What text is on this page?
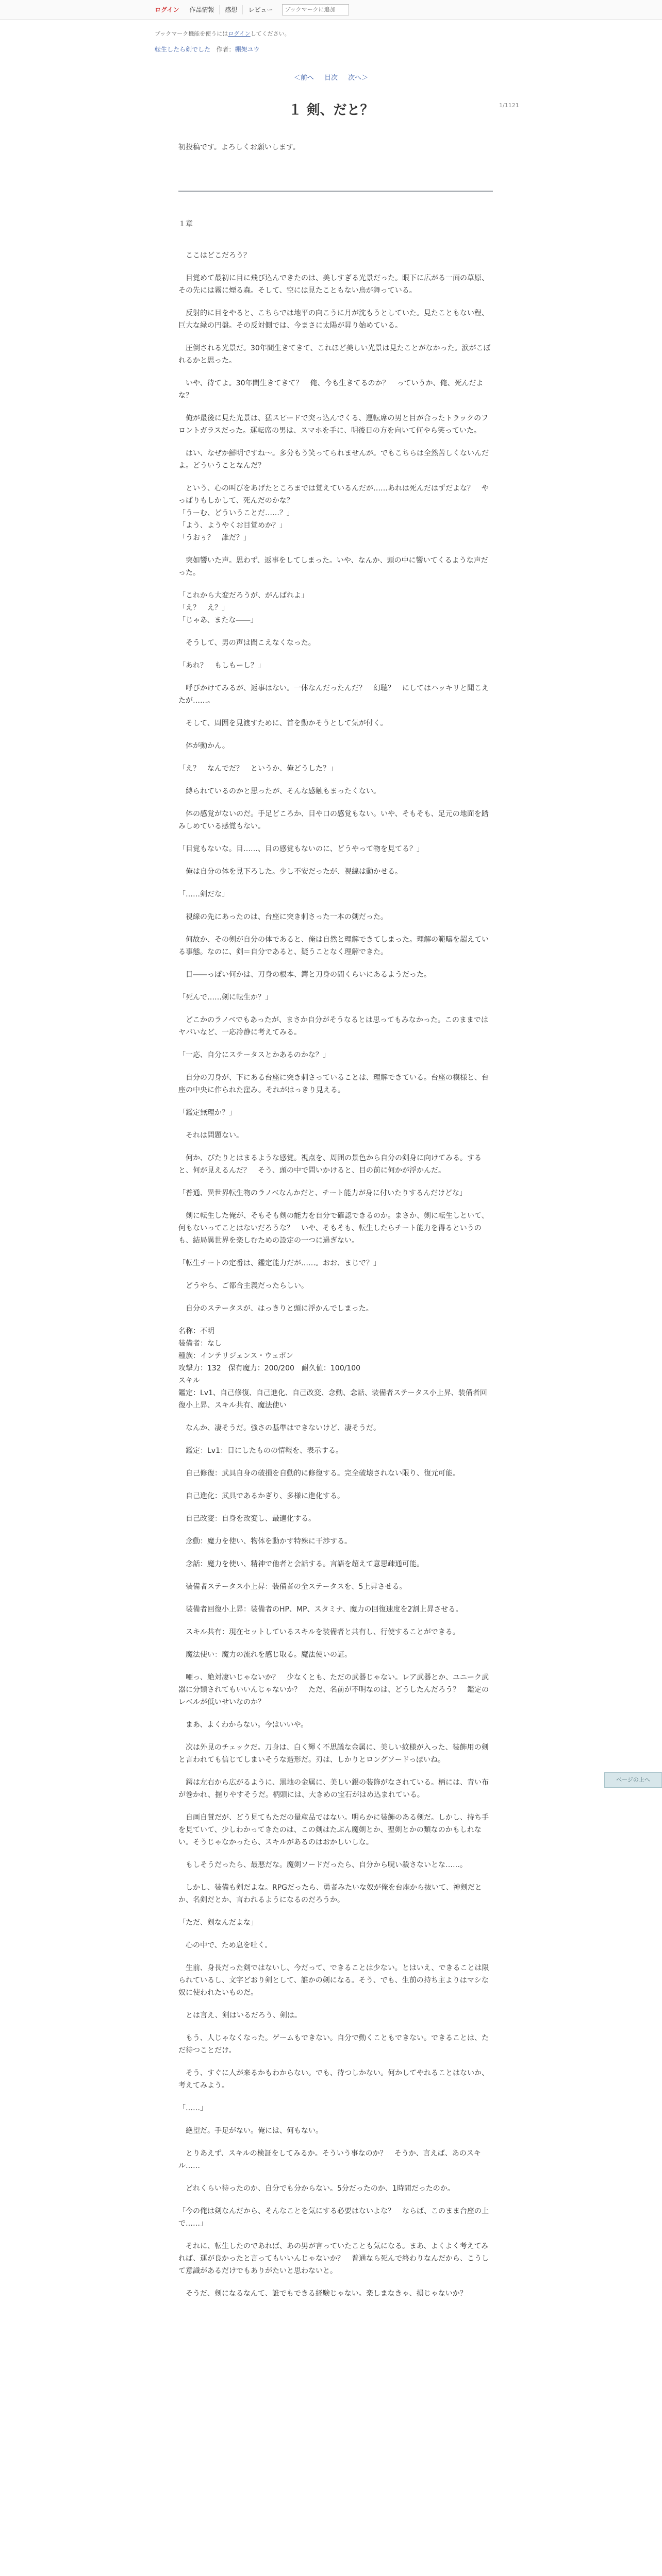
ログイン	作品情報	感想	レビュー
ブックマークに追加
ブックマーク機能を使うにはログインしてください。
転生したら剣でした 作者：棚架ユウ
＜前へ 目次 次へ＞
1/1121
１ 剣、だと？
初投稿です。よろしくお願いします。
１章

　ここはどこだろう？

　目覚めて最初に目に飛び込んできたのは、美しすぎる光景だった。眼下に広がる一面の草原、その先には霧に煙る森。そして、空には見たこともない鳥が舞っている。

　反射的に目をやると、こちらでは地平の向こうに月が沈もうとしていた。見たこともない程、巨大な緑の円盤。その反対側では、今まさに太陽が昇り始めている。

　圧倒される光景だ。30年間生きてきて、これほど美しい光景は見たことがなかった。涙がこぼれるかと思った。

　いや、待てよ。30年間生きてきて？　俺、今も生きてるのか？　っていうか、俺、死んだよな？

　俺が最後に見た光景は、猛スピードで突っ込んでくる、運転席の男と目が合ったトラックのフロントガラスだった。運転席の男は、スマホを手に、明後日の方を向いて何やら笑っていた。

　はい、なぜか鮮明ですね～。多分もう笑ってられませんが。でもこちらは全然苦しくないんだよ。どういうことなんだ？

　という、心の叫びをあげたところまでは覚えているんだが……あれは死んだはずだよな？　やっぱりもしかして、死んだのかな？
「うーむ、どういうことだ……？」
「よう、ようやくお目覚めか？」
「うおぅ？　誰だ？」

　突如響いた声。思わず、返事をしてしまった。いや、なんか、頭の中に響いてくるような声だった。

「これから大変だろうが、がんばれよ」
「え？　え？」
「じゃあ、またな――」

　そうして、男の声は聞こえなくなった。

「あれ？　もしもーし？」

　呼びかけてみるが、返事はない。一体なんだったんだ？　幻聴？　にしてはハッキリと聞こえたが……。

　そして、周囲を見渡すために、首を動かそうとして気が付く。

　体が動かん。

「え？　なんでだ？　というか、俺どうした？」

　縛られているのかと思ったが、そんな感触もまったくない。

　体の感覚がないのだ。手足どころか、目や口の感覚もない。いや、そもそも、足元の地面を踏みしめている感覚もない。

「目覚もないな。目……、目の感覚もないのに、どうやって物を見てる？」

　俺は自分の体を見下ろした。少し不安だったが、視線は動かせる。

「……剣だな」

　視線の先にあったのは、台座に突き刺さった一本の剣だった。

　何故か、その剣が自分の体であると、俺は自然と理解できてしまった。理解の範疇を超えている事態。なのに、剣＝自分であると、疑うことなく理解できた。

　目――っぽい何かは、刀身の根本、鍔と刀身の間くらいにあるようだった。

「死んで……剣に転生か？」

　どこかのラノベでもあったが、まさか自分がそうなるとは思ってもみなかった。このままではヤバいなど、一応冷静に考えてみる。

「一応、自分にステータスとかあるのかな？」

　自分の刀身が、下にある台座に突き刺さっていることは、理解できている。台座の模様と、台座の中央に作られた窪み。それがはっきり見える。

「鑑定無理か？」

　それは問題ない。

　何か、ぴたりとはまるような感覚。視点を、周囲の景色から自分の剣身に向けてみる。すると、何が見えるんだ？　そう、頭の中で問いかけると、目の前に何かが浮かんだ。

「普通、異世界転生物のラノベなんかだと、チート能力が身に付いたりするんだけどな」

　剣に転生した俺が、そもそも剣の能力を自分で確認できるのか。まさか、剣に転生しといて、何もないってことはないだろうな？　いや、そもそも、転生したらチート能力を得るというのも、結局異世界を楽しむための設定の一つに過ぎない。

「転生チートの定番は、鑑定能力だが……。おお、まじで？」

　どうやら、ご都合主義だったらしい。

　自分のステータスが、はっきりと頭に浮かんでしまった。

名称：不明
装備者：なし
種族：インテリジェンス・ウェポン
攻撃力：132　保有魔力：200/200　耐久値：100/100
スキル
鑑定：Lv1、自己修復、自己進化、自己改変、念動、念話、装備者ステータス小上昇、装備者回復小上昇、スキル共有、魔法使い

　なんか、凄そうだ。強さの基準はできないけど、凄そうだ。

　鑑定：Lv1：目にしたものの情報を、表示する。

　自己修復：武具自身の破損を自動的に修復する。完全破壊されない限り、復元可能。

　自己進化：武具であるかぎり、多様に進化する。

　自己改変：自身を改変し、最適化する。

　念動：魔力を使い、物体を動かす特殊に干渉する。

　念話：魔力を使い、精神で他者と会話する。言語を超えて意思疎通可能。

　装備者ステータス小上昇：装備者の全ステータスを、5上昇させる。

　装備者回復小上昇：装備者のHP、MP、スタミナ、魔力の回復速度を2割上昇させる。

　スキル共有：現在セットしているスキルを装備者と共有し、行使することができる。

　魔法使い：魔力の流れを感じ取る。魔法使いの証。

　唖っ、絶対凄いじゃないか？　少なくとも、ただの武器じゃない。レア武器とか、ユニーク武器に分類されてもいいんじゃないか？　ただ、名前が不明なのは、どうしたんだろう？　鑑定のレベルが低いせいなのか？

　まあ、よくわからない。今はいいや。

　次は外見のチェックだ。刀身は、白く輝く不思議な金属に、美しい紋様が入った、装飾用の剣と言われても信じてしまいそうな造形だ。刃は、しかりとロングソードっぽいね。

　鍔は左右から広がるように、黒地の金属に、美しい銀の装飾がなされている。柄には、青い布が巻かれ、握りやすそうだ。柄頭には、大きめの宝石がはめ込まれている。

　自画自賛だが、どう見てもただの量産品ではない。明らかに装飾のある剣だ。しかし、持ち手を見ていて、少しわかってきたのは、この剣はたぶん魔剣とか、聖剣とかの類なのかもしれない。そうじゃなかったら、スキルがあるのはおかしいしな。

　もしそうだったら、最悪だな。魔剣ソードだったら、自分から呪い殺さないとな……。

　しかし、装備も剣だよな。RPGだったら、勇者みたいな奴が俺を台座から抜いて、神剣だとか、名剣だとか、言われるようになるのだろうか。

「ただ、剣なんだよな」

　心の中で、ため息を吐く。

　生前、身長だった剣ではないし、今だって、できることは少ない。とはいえ、できることは限られているし、文字どおり剣として、誰かの剣になる。そう、でも、生前の持ち主よりはマシな奴に使われたいものだ。

　とは言え、剣はいるだろう、剣は。

　もう、人じゃなくなった。ゲームもできない。自分で動くこともできない。できることは、ただ待つことだけ。

　そう、すぐに人が来るかもわからない。でも、待つしかない。何かしてやれることはないか、考えてみよう。

「……」

　絶望だ。手足がない。俺には、何もない。

　とりあえず、スキルの検証をしてみるか。そういう事なのか？　そうか、言えば、あのスキル……

　どれくらい待ったのか、自分でも分からない。5分だったのか、1時間だったのか。

「今の俺は剣なんだから、そんなことを気にする必要はないよな？　ならば、このまま台座の上で……」

　それに、転生したのであれば、あの男が言っていたことも気になる。まあ、よくよく考えてみれば、運が良かったと言ってもいいんじゃないか？　普通なら死んで終わりなんだから、こうして意識があるだけでもありがたいと思わないと。

　そうだ、剣になるなんて、誰でもできる経験じゃない。楽しまなきゃ、損じゃないか？

ページの上へ
